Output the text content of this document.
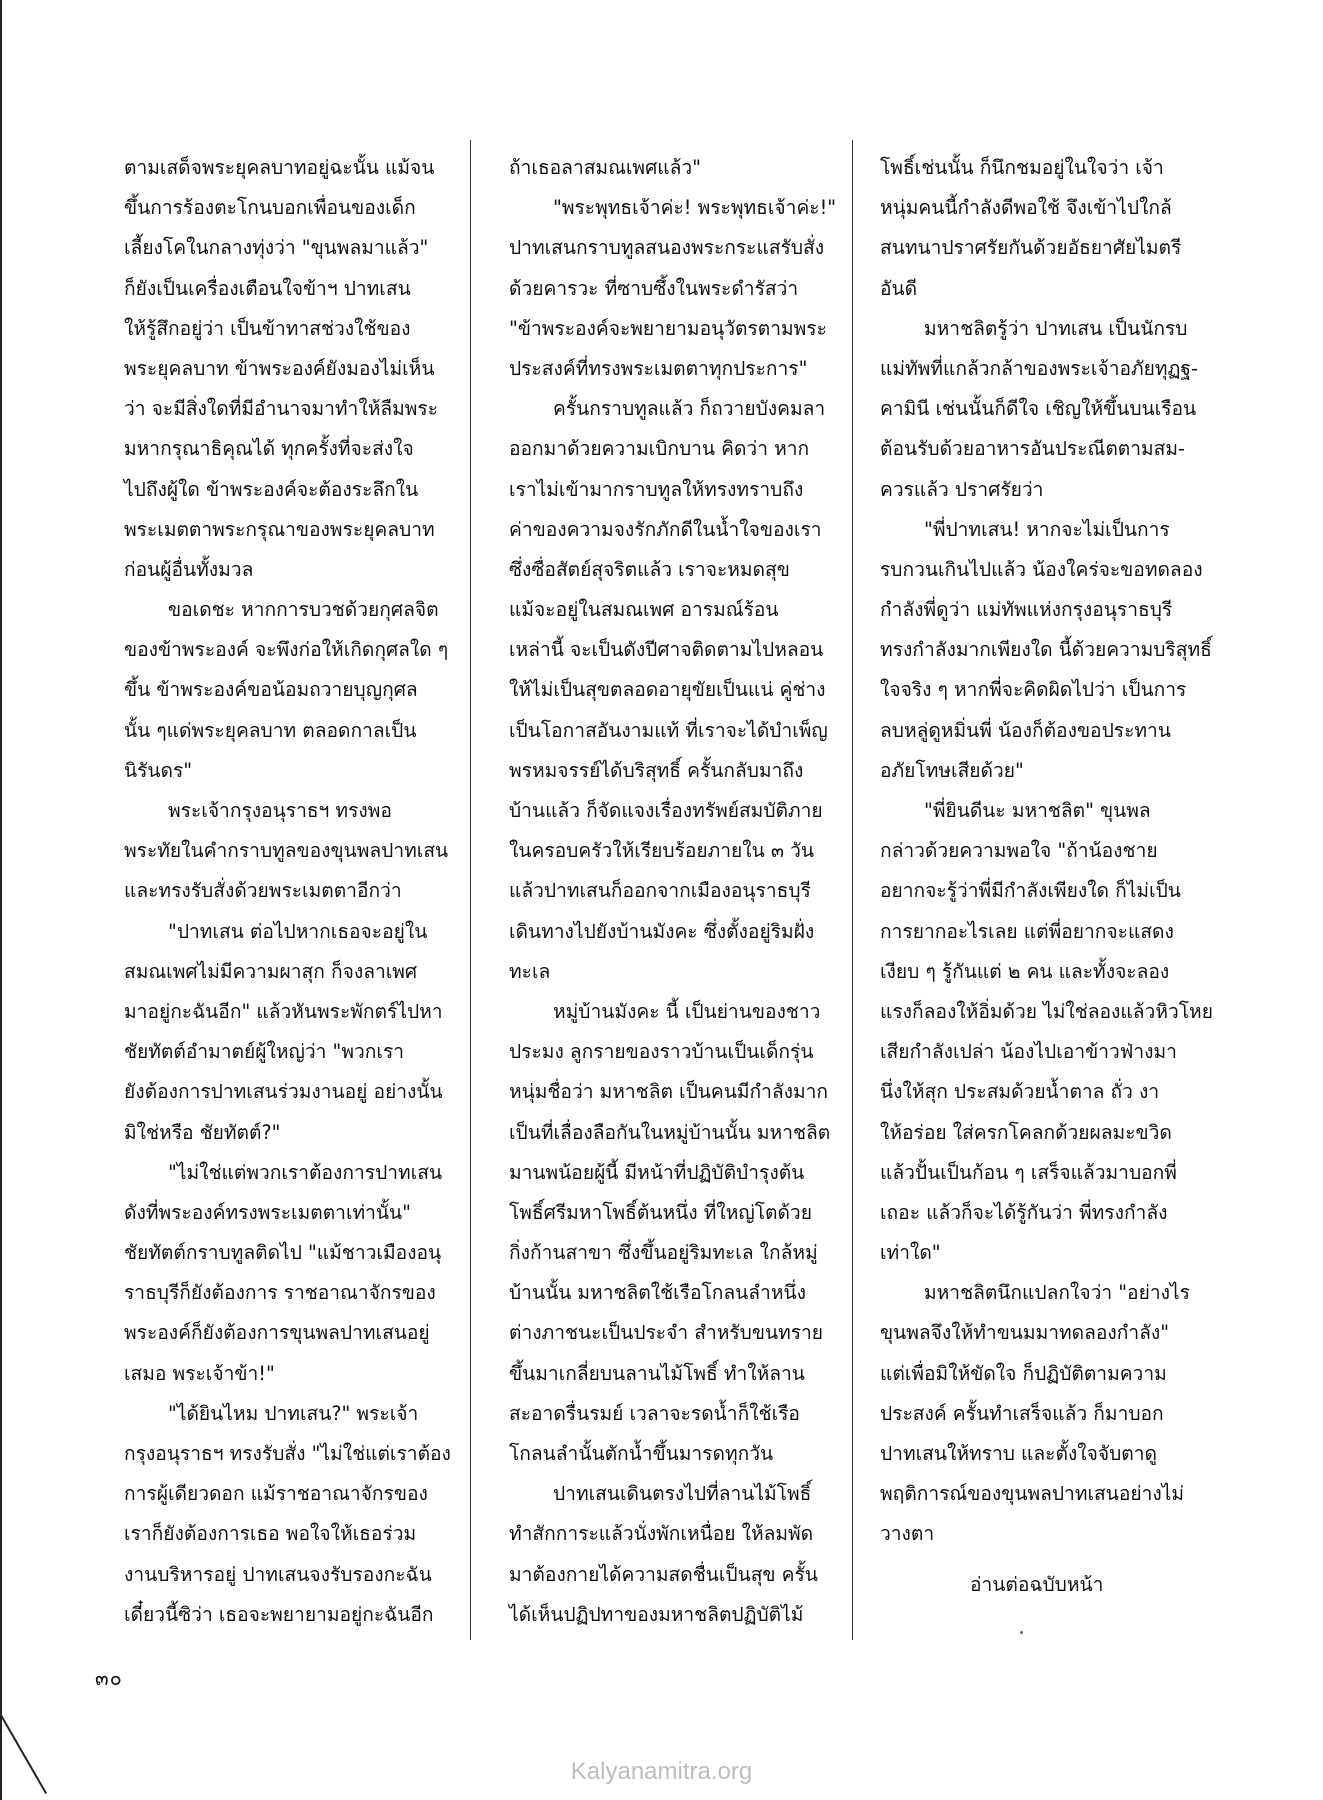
ตามเสด็จพระยุคลบาทอยู่ฉะนั้น แม้จน
ขึ้นการร้องตะโกนบอกเพื่อนของเด็ก
เลี้ยงโคในกลางทุ่งว่า "ขุนพลมาแล้ว"
ก็ยังเป็นเครื่องเตือนใจข้าฯ ปาทเสน
ให้รู้สึกอยู่ว่า เป็นข้าทาสช่วงใช้ของ
พระยุคลบาท ข้าพระองค์ยังมองไม่เห็น
ว่า จะมีสิ่งใดที่มีอำนาจมาทำให้ลืมพระ
มหากรุณาธิคุณได้ ทุกครั้งที่จะส่งใจ
ไปถึงผู้ใด ข้าพระองค์จะต้องระลึกใน
พระเมตตาพระกรุณาของพระยุคลบาท
ก่อนผู้อื่นทั้งมวล
ขอเดชะ หากการบวชด้วยกุศลจิต
ของข้าพระองค์ จะพึงก่อให้เกิดกุศลใด ๆ
ขึ้น ข้าพระองค์ขอน้อมถวายบุญกุศล
นั้น ๆแด่พระยุคลบาท ตลอดกาลเป็น
นิรันดร"
พระเจ้ากรุงอนุราธฯ ทรงพอ
พระทัยในคำกราบทูลของขุนพลปาทเสน
และทรงรับสั่งด้วยพระเมตตาอีกว่า
"ปาทเสน ต่อไปหากเธอจะอยู่ใน
สมณเพศไม่มีความผาสุก ก็จงลาเพศ
มาอยู่กะฉันอีก" แล้วหันพระพักตร์ไปหา
ชัยทัตต์อำมาตย์ผู้ใหญ่ว่า "พวกเรา
ยังต้องการปาทเสนร่วมงานอยู่ อย่างนั้น
มิใช่หรือ ชัยทัตต์?"
"ไม่ใช่แต่พวกเราต้องการปาทเสน
ดังที่พระองค์ทรงพระเมตตาเท่านั้น"
ชัยทัตต์กราบทูลติดไป "แม้ชาวเมืองอนุ
ราธบุรีก็ยังต้องการ ราชอาณาจักรของ
พระองค์ก็ยังต้องการขุนพลปาทเสนอยู่
เสมอ พระเจ้าข้า!"
"ได้ยินไหม ปาทเสน?" พระเจ้า
กรุงอนุราธฯ ทรงรับสั่ง "ไม่ใช่แต่เราต้อง
การผู้เดียวดอก แม้ราชอาณาจักรของ
เราก็ยังต้องการเธอ พอใจให้เธอร่วม
งานบริหารอยู่ ปาทเสนจงรับรองกะฉัน
เดี๋ยวนี้ซิว่า เธอจะพยายามอยู่กะฉันอีก
ถ้าเธอลาสมณเพศแล้ว"
"พระพุทธเจ้าค่ะ! พระพุทธเจ้าค่ะ!"
ปาทเสนกราบทูลสนองพระกระแสรับสั่ง
ด้วยคารวะ ที่ซาบซึ้งในพระดำรัสว่า
"ข้าพระองค์จะพยายามอนุวัตรตามพระ
ประสงค์ที่ทรงพระเมตตาทุกประการ"
ครั้นกราบทูลแล้ว ก็ถวายบังคมลา
ออกมาด้วยความเบิกบาน คิดว่า หาก
เราไม่เข้ามากราบทูลให้ทรงทราบถึง
ค่าของความจงรักภักดีในน้ำใจของเรา
ซึ่งซื่อสัตย์สุจริตแล้ว เราจะหมดสุข
แม้จะอยู่ในสมณเพศ อารมณ์ร้อน
เหล่านี้ จะเป็นดังปีศาจติดตามไปหลอน
ให้ไม่เป็นสุขตลอดอายุขัยเป็นแน่ คู่ช่าง
เป็นโอกาสอันงามแท้ ที่เราจะได้บำเพ็ญ
พรหมจรรย์ได้บริสุทธิ์ ครั้นกลับมาถึง
บ้านแล้ว ก็จัดแจงเรื่องทรัพย์สมบัติภาย
ในครอบครัวให้เรียบร้อยภายใน ๓ วัน
แล้วปาทเสนก็ออกจากเมืองอนุราธบุรี
เดินทางไปยังบ้านมังคะ ซึ่งตั้งอยู่ริมฝั่ง
ทะเล
หมู่บ้านมังคะ นี้ เป็นย่านของชาว
ประมง ลูกรายของราวบ้านเป็นเด็กรุ่น
หนุ่มชื่อว่า มหาชลิต เป็นคนมีกำลังมาก
เป็นที่เลื่องลือกันในหมู่บ้านนั้น มหาชลิต
มานพน้อยผู้นี้ มีหน้าที่ปฏิบัติบำรุงต้น
โพธิ์ศรีมหาโพธิ์ต้นหนึ่ง ที่ใหญ่โตด้วย
กิ่งก้านสาขา ซึ่งขึ้นอยู่ริมทะเล ใกล้หมู่
บ้านนั้น มหาชลิตใช้เรือโกลนลำหนึ่ง
ต่างภาชนะเป็นประจำ สำหรับขนทราย
ขึ้นมาเกลี่ยบนลานไม้โพธิ์ ทำให้ลาน
สะอาดรื่นรมย์ เวลาจะรดน้ำก็ใช้เรือ
โกลนลำนั้นตักน้ำขึ้นมารดทุกวัน
ปาทเสนเดินตรงไปที่ลานไม้โพธิ์
ทำสักการะแล้วนั่งพักเหนื่อย ให้ลมพัด
มาต้องกายได้ความสดชื่นเป็นสุข ครั้น
ได้เห็นปฏิปทาของมหาชลิตปฏิบัติไม้
โพธิ์เช่นนั้น ก็นึกชมอยู่ในใจว่า เจ้า
หนุ่มคนนี้กำลังดีพอใช้ จึงเข้าไปใกล้
สนทนาปราศรัยกันด้วยอัธยาศัยไมตรี
อันดี
มหาชลิตรู้ว่า ปาทเสน เป็นนักรบ
แม่ทัพที่แกล้วกล้าของพระเจ้าอภัยทุฏฐ-
คามินี เช่นนั้นก็ดีใจ เชิญให้ขึ้นบนเรือน
ต้อนรับด้วยอาหารอันประณีตตามสม-
ควรแล้ว ปราศรัยว่า
"พี่ปาทเสน! หากจะไม่เป็นการ
รบกวนเกินไปแล้ว น้องใคร่จะขอทดลอง
กำลังพี่ดูว่า แม่ทัพแห่งกรุงอนุราธบุรี
ทรงกำลังมากเพียงใด นี้ด้วยความบริสุทธิ์
ใจจริง ๆ หากพี่จะคิดผิดไปว่า เป็นการ
ลบหลู่ดูหมิ่นพี่ น้องก็ต้องขอประทาน
อภัยโทษเสียด้วย"
"พี่ยินดีนะ มหาชลิต" ขุนพล
กล่าวด้วยความพอใจ "ถ้าน้องชาย
อยากจะรู้ว่าพี่มีกำลังเพียงใด ก็ไม่เป็น
การยากอะไรเลย แต่พี่อยากจะแสดง
เงียบ ๆ รู้กันแต่ ๒ คน และทั้งจะลอง
แรงก็ลองให้อิ่มด้วย ไม่ใช่ลองแล้วหิวโหย
เสียกำลังเปล่า น้องไปเอาข้าวฟ่างมา
นึ่งให้สุก ประสมด้วยน้ำตาล ถั่ว งา
ให้อร่อย ใส่ครกโคลกด้วยผลมะขวิด
แล้วปั้นเป็นก้อน ๆ เสร็จแล้วมาบอกพี่
เถอะ แล้วก็จะได้รู้กันว่า พี่ทรงกำลัง
เท่าใด"
มหาชลิตนึกแปลกใจว่า "อย่างไร
ขุนพลจึงให้ทำขนมมาทดลองกำลัง"
แต่เพื่อมิให้ขัดใจ ก็ปฏิบัติตามความ
ประสงค์ ครั้นทำเสร็จแล้ว ก็มาบอก
ปาทเสนให้ทราบ และตั้งใจจับตาดู
พฤติการณ์ของขุนพลปาทเสนอย่างไม่
วางตา
อ่านต่อฉบับหน้า
๓๐
Kalyanamitra.org
